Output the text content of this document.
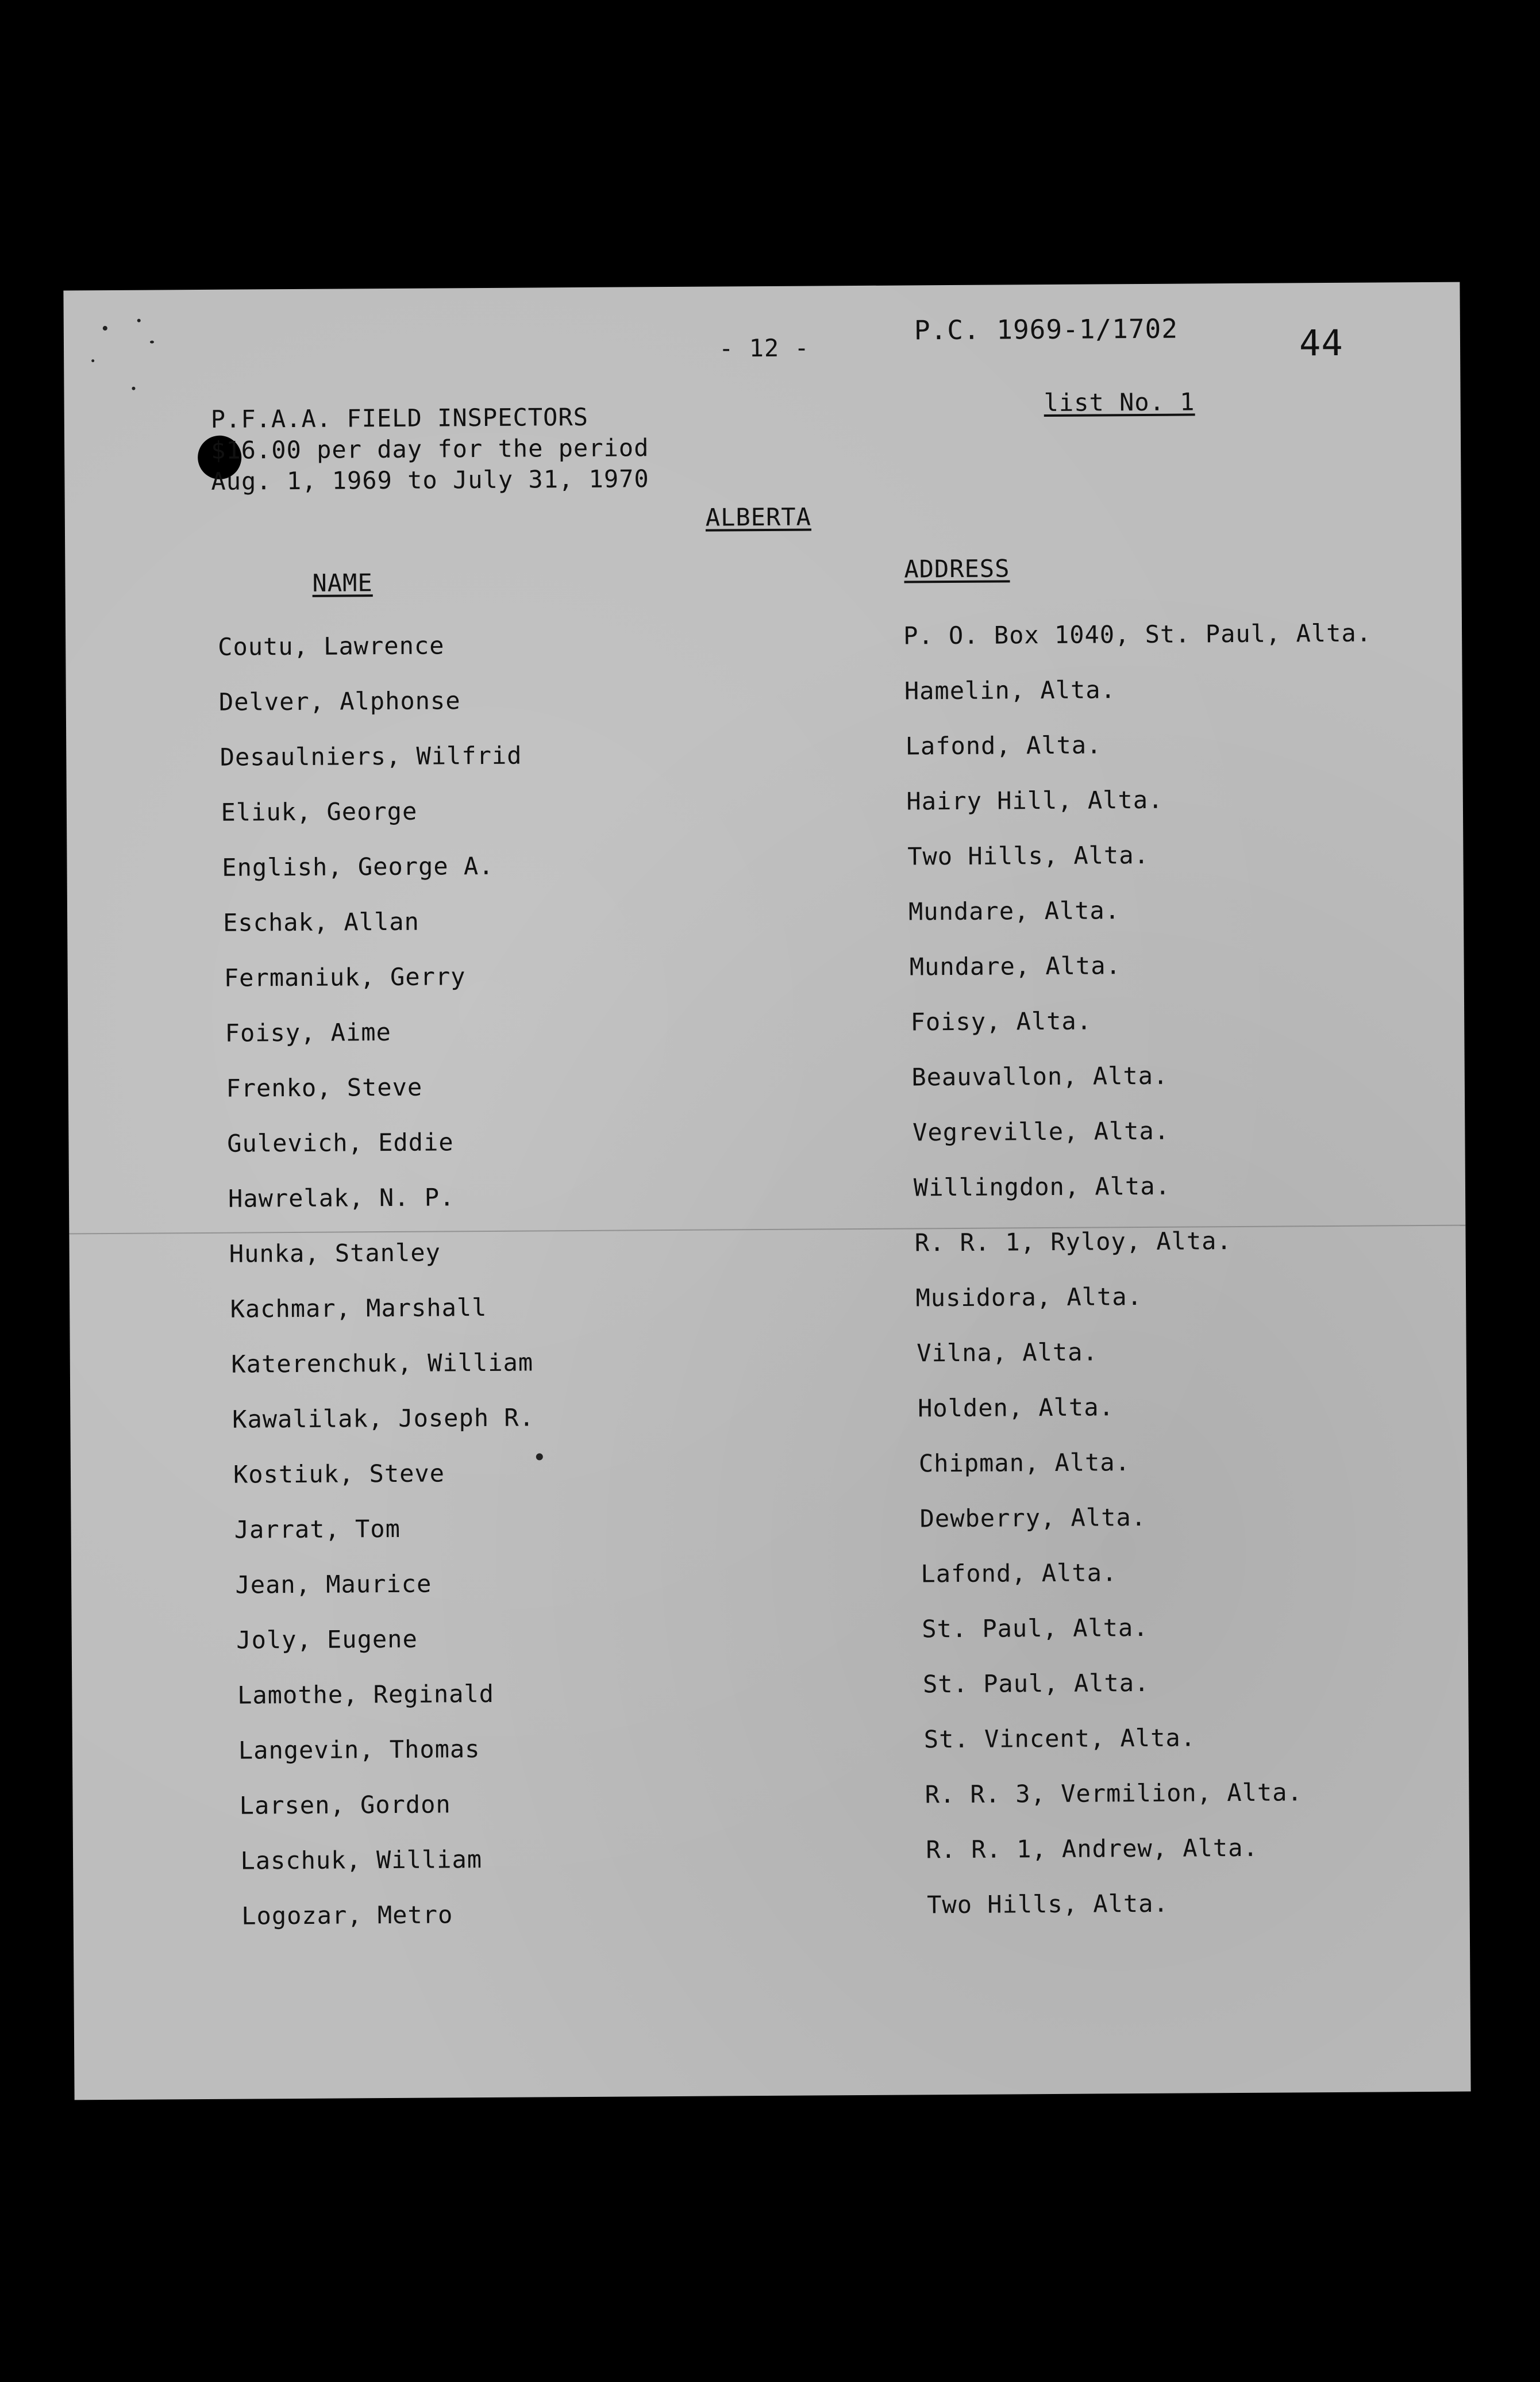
- 12 -
P.C. 1969-1/1702	44
P.F.A.A. FIELD INSPECTORS
$16.00 per day for the period
Aug. 1, 1969 to July 31, 1970
list No. 1
ALBERTA
NAME	ADDRESS
Coutu, Lawrence	P. O. Box 1040, St. Paul, Alta.
Delver, Alphonse	Hamelin, Alta.
Desaulniers, Wilfrid	Lafond, Alta.
Eliuk, George	Hairy Hill, Alta.
English, George A.	Two Hills, Alta.
Eschak, Allan	Mundare, Alta.
Fermaniuk, Gerry	Mundare, Alta.
Foisy, Aime	Foisy, Alta.
Frenko, Steve	Beauvallon, Alta.
Gulevich, Eddie	Vegreville, Alta.
Hawrelak, N. P.	Willingdon, Alta.
Hunka, Stanley	R. R. 1, Ryloy, Alta.
Kachmar, Marshall	Musidora, Alta.
Katerenchuk, William	Vilna, Alta.
Kawalilak, Joseph R.	Holden, Alta.
Kostiuk, Steve	Chipman, Alta.
Jarrat, Tom	Dewberry, Alta.
Jean, Maurice	Lafond, Alta.
Joly, Eugene	St. Paul, Alta.
Lamothe, Reginald	St. Paul, Alta.
Langevin, Thomas	St. Vincent, Alta.
Larsen, Gordon	R. R. 3, Vermilion, Alta.
Laschuk, William	R. R. 1, Andrew, Alta.
Logozar, Metro	Two Hills, Alta.
